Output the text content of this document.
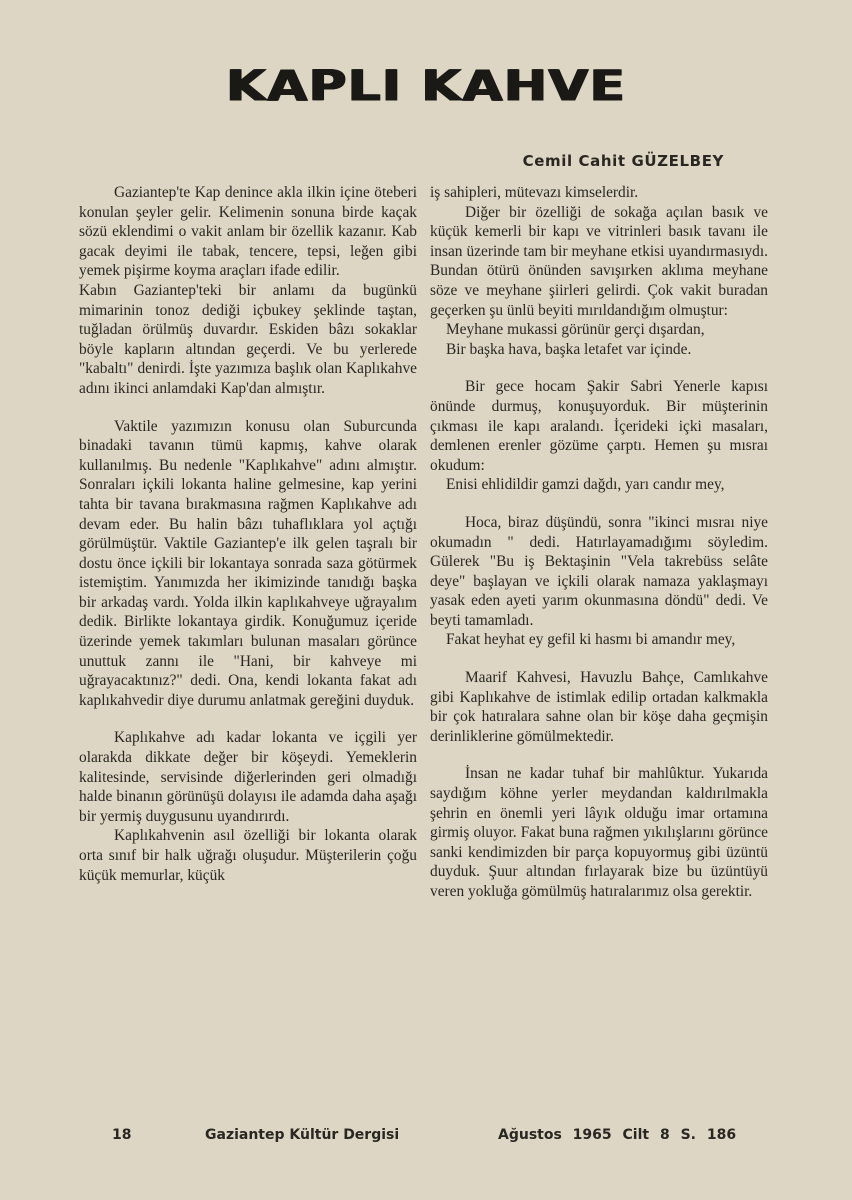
KAPLI KAHVE
Cemil Cahit GÜZELBEY

Gaziantep'te Kap denince akla ilkin içine öteberi konulan şeyler gelir. Kelimenin sonuna birde kaçak sözü eklendimi o vakit anlam bir özellik kazanır. Kab gacak deyimi ile tabak, tencere, tepsi, leğen gibi yemek pişirme koyma araçları ifade edilir.

Kabın Gaziantep'teki bir anlamı da bugünkü mimarinin tonoz dediği içbukey şeklinde taştan, tuğladan örülmüş duvardır. Eskiden bâzı sokaklar böyle kapların altından geçerdi. Ve bu yerlerede "kabaltı" denirdi. İşte yazımıza başlık olan Kaplıkahve adını ikinci anlamdaki Kap'dan almıştır.

Vaktile yazımızın konusu olan Suburcunda binadaki tavanın tümü kapmış, kahve olarak kullanılmış. Bu nedenle "Kaplıkahve" adını almıştır. Sonraları içkili lokanta haline gelmesine, kap yerini tahta bir tavana bırakmasına rağmen Kaplıkahve adı devam eder. Bu halin bâzı tuhaflıklara yol açtığı görülmüştür. Vaktile Gaziantep'e ilk gelen taşralı bir dostu önce içkili bir lokantaya sonrada saza götürmek istemiştim. Yanımızda her ikimizinde tanıdığı başka bir arkadaş vardı. Yolda ilkin kaplıkahveye uğrayalım dedik. Birlikte lokantaya girdik. Konuğumuz içeride üzerinde yemek takımları bulunan masaları görünce unuttuk zannı ile "Hani, bir kahveye mi uğrayacaktınız?" dedi. Ona, kendi lokanta fakat adı kaplıkahvedir diye durumu anlatmak gereğini duyduk.

Kaplıkahve adı kadar lokanta ve içgili yer olarakda dikkate değer bir köşeydi. Yemeklerin kalitesinde, servisinde diğerlerinden geri olmadığı halde binanın görünüşü dolayısı ile adamda daha aşağı bir yermiş duygusunu uyandırırdı.

Kaplıkahvenin asıl özelliği bir lokanta olarak orta sınıf bir halk uğrağı oluşudur. Müşterilerin çoğu küçük memurlar, küçük

iş sahipleri, mütevazı kimselerdir.

Diğer bir özelliği de sokağa açılan basık ve küçük kemerli bir kapı ve vitrinleri basık tavanı ile insan üzerinde tam bir meyhane etkisi uyandırmasıydı. Bundan ötürü önünden savışırken aklıma meyhane söze ve meyhane şiirleri gelirdi. Çok vakit buradan geçerken şu ünlü beyiti mırıldandığım olmuştur:

Meyhane mukassi görünür gerçi dışardan,

Bir başka hava, başka letafet var içinde.

Bir gece hocam Şakir Sabri Yenerle kapısı önünde durmuş, konuşuyorduk. Bir müşterinin çıkması ile kapı aralandı. İçerideki içki masaları, demlenen erenler gözüme çarptı. Hemen şu mısraı okudum:

Enisi ehlidildir gamzi dağdı, yarı candır mey,

Hoca, biraz düşündü, sonra "ikinci mısraı niye okumadın " dedi. Hatırlayamadığımı söyledim. Gülerek "Bu iş Bektaşinin "Vela takrebüss selâte deye" başlayan ve içkili olarak namaza yaklaşmayı yasak eden ayeti yarım okunmasına döndü" dedi. Ve beyti tamamladı.

Fakat heyhat ey gefil ki hasmı bi amandır mey,

Maarif Kahvesi, Havuzlu Bahçe, Camlıkahve gibi Kaplıkahve de istimlak edilip ortadan kalkmakla bir çok hatıralara sahne olan bir köşe daha geçmişin derinliklerine gömülmektedir.

İnsan ne kadar tuhaf bir mahlûktur. Yukarıda saydığım köhne yerler meydandan kaldırılmakla şehrin en önemli yeri lâyık olduğu imar ortamına girmiş oluyor. Fakat buna rağmen yıkılışlarını görünce sanki kendimizden bir parça kopuyormuş gibi üzüntü duyduk. Şuur altından fırlayarak bize bu üzüntüyü veren yokluğa gömülmüş hatıralarımız olsa gerektir.

18	Gaziantep Kültür Dergisi	Ağustos 1965 Cilt 8 S. 186
